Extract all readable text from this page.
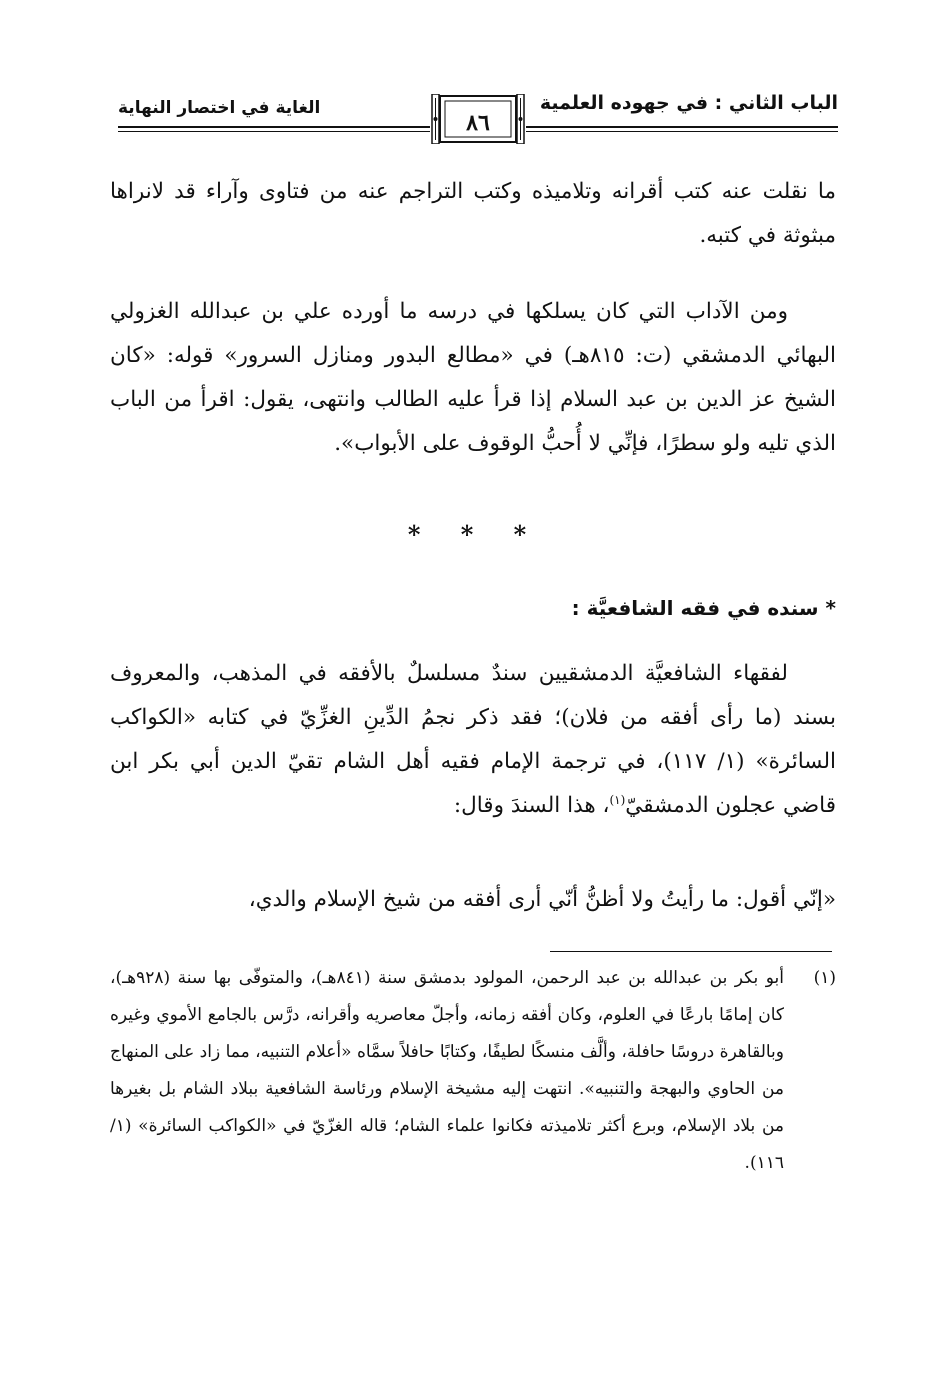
الباب الثاني : في جهوده العلمية
الغاية في اختصار النهاية
٨٦

ما نقلت عنه كتب أقرانه وتلاميذه وكتب التراجم عنه من فتاوى وآراء قد لانراها مبثوثة في كتبه.

ومن الآداب التي كان يسلكها في درسه ما أورده علي بن عبدالله الغزولي البهائي الدمشقي (ت: ٨١٥هـ) في «مطالع البدور ومنازل السرور» قوله: «كان الشيخ عز الدين بن عبد السلام إذا قرأ عليه الطالب وانتهى، يقول: اقرأ من الباب الذي تليه ولو سطرًا، فإنِّي لا أُحبُّ الوقوف على الأبواب».

* * *
* سنده في فقه الشافعيَّة :

لفقهاء الشافعيَّة الدمشقيين سندٌ مسلسلٌ بالأفقه في المذهب، والمعروف بسند (ما رأى أفقه من فلان)؛ فقد ذكر نجمُ الدِّينِ الغزِّيّ في كتابه «الكواكب السائرة» (١/ ١١٧)، في ترجمة الإمام فقيه أهل الشام تقيّ الدين أبي بكر ابن قاضي عجلون الدمشقيّ$^{(١)}$، هذا السندَ وقال:

«إنّي أقول: ما رأيتُ ولا أظنُّ أنّي أرى أفقه من شيخ الإسلام والدي،

(١)

أبو بكر بن عبدالله بن عبد الرحمن، المولود بدمشق سنة (٨٤١هـ)، والمتوفّى بها سنة (٩٢٨هـ)، كان إمامًا بارعًا في العلوم، وكان أفقه زمانه، وأجلّ معاصريه وأقرانه، درَّس بالجامع الأموي وغيره وبالقاهرة دروسًا حافلة، وألَّف منسكًا لطيفًا، وكتابًا حافلاً سمَّاه «أعلام التنبيه، مما زاد على المنهاج من الحاوي والبهجة والتنبيه». انتهت إليه مشيخة الإسلام ورئاسة الشافعية ببلاد الشام بل بغيرها من بلاد الإسلام، وبرع أكثر تلاميذته فكانوا علماء الشام؛ قاله الغزّيّ في «الكواكب السائرة» (١/ ١١٦).
